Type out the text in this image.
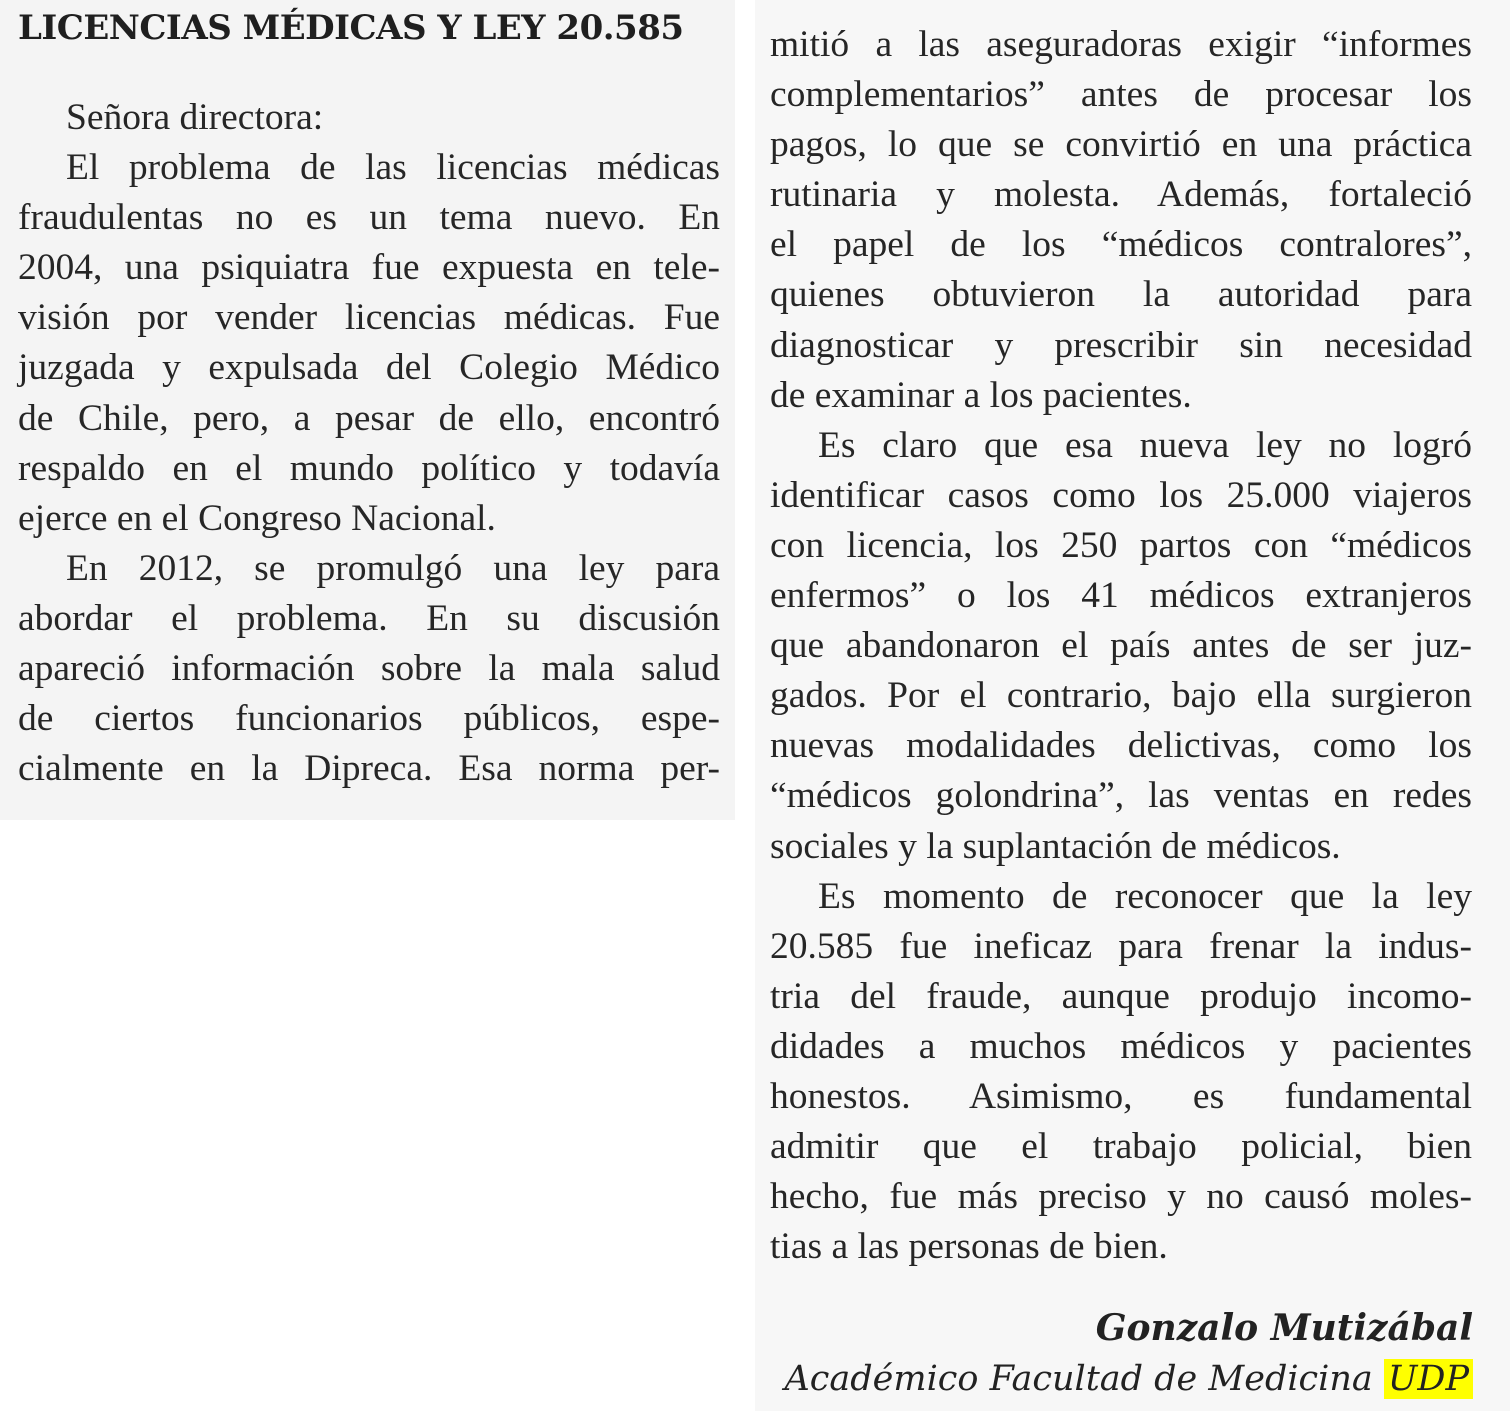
LICENCIAS MÉDICAS Y LEY 20.585
Señora directora:
El problema de las licencias médicas
fraudulentas no es un tema nuevo. En
2004, una psiquiatra fue expuesta en tele-
visión por vender licencias médicas. Fue
juzgada y expulsada del Colegio Médico
de Chile, pero, a pesar de ello, encontró
respaldo en el mundo político y todavía
ejerce en el Congreso Nacional.
En 2012, se promulgó una ley para
abordar el problema. En su discusión
apareció información sobre la mala salud
de ciertos funcionarios públicos, espe-
cialmente en la Dipreca. Esa norma per-
mitió a las aseguradoras exigir “informes
complementarios” antes de procesar los
pagos, lo que se convirtió en una práctica
rutinaria y molesta. Además, fortaleció
el papel de los “médicos contralores”,
quienes obtuvieron la autoridad para
diagnosticar y prescribir sin necesidad
de examinar a los pacientes.
Es claro que esa nueva ley no logró
identificar casos como los 25.000 viajeros
con licencia, los 250 partos con “médicos
enfermos” o los 41 médicos extranjeros
que abandonaron el país antes de ser juz-
gados. Por el contrario, bajo ella surgieron
nuevas modalidades delictivas, como los
“médicos golondrina”, las ventas en redes
sociales y la suplantación de médicos.
Es momento de reconocer que la ley
20.585 fue ineficaz para frenar la indus-
tria del fraude, aunque produjo incomo-
didades a muchos médicos y pacientes
honestos. Asimismo, es fundamental
admitir que el trabajo policial, bien
hecho, fue más preciso y no causó moles-
tias a las personas de bien.
Gonzalo Mutizábal
Académico Facultad de Medicina UDP
